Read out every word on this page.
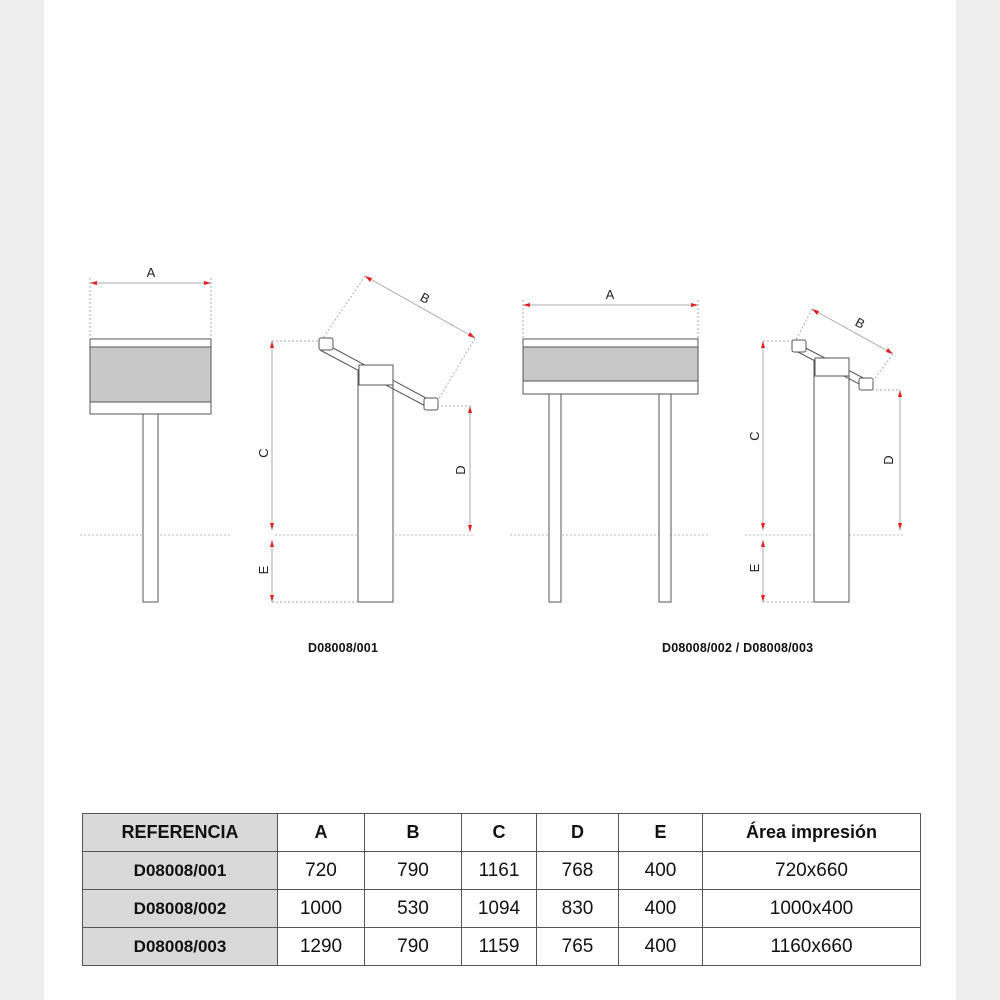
A
B
C
E
D
A
B
C
E
D
D08008/001	D08008/002 / D08008/003
REFERENCIA	A	B	C	D	E	Área impresión
D08008/001	720	790	1161	768	400	720x660
D08008/002	1000	530	1094	830	400	1000x400
D08008/003	1290	790	1159	765	400	1160x660
